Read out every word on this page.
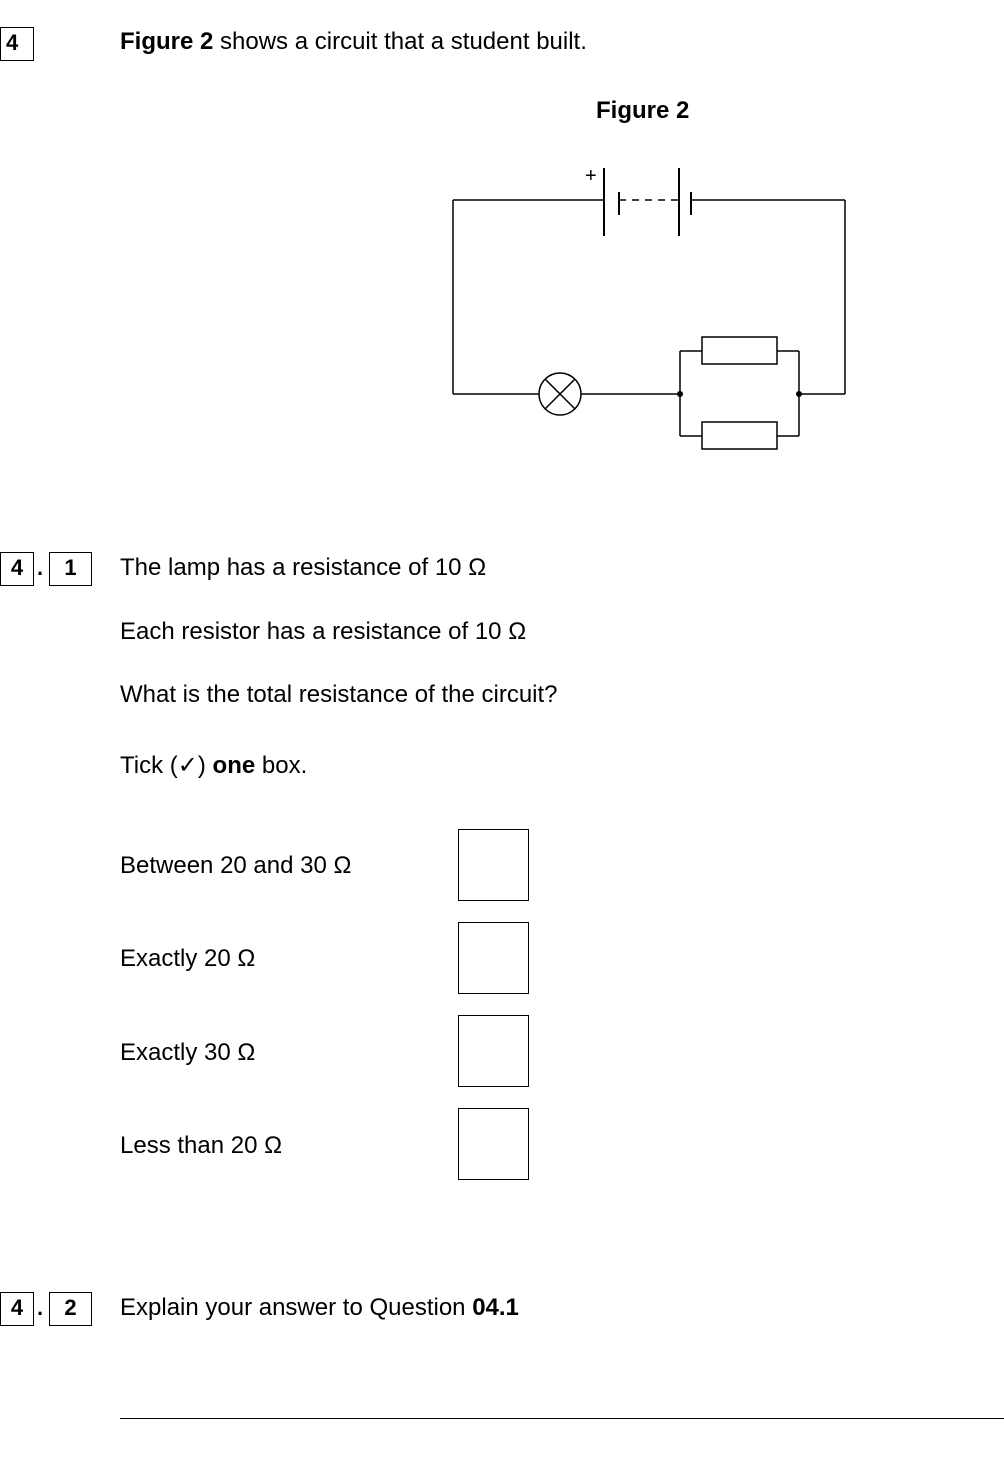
4	Figure 2 shows a circuit that a student built.
Figure 2
+
4 . 1	The lamp has a resistance of 10 Ω
Each resistor has a resistance of 10 Ω
What is the total resistance of the circuit?
Tick (✓) one box.
Between 20 and 30 Ω
Exactly 20 Ω
Exactly 30 Ω
Less than 20 Ω
4 . 2	Explain your answer to Question 04.1
